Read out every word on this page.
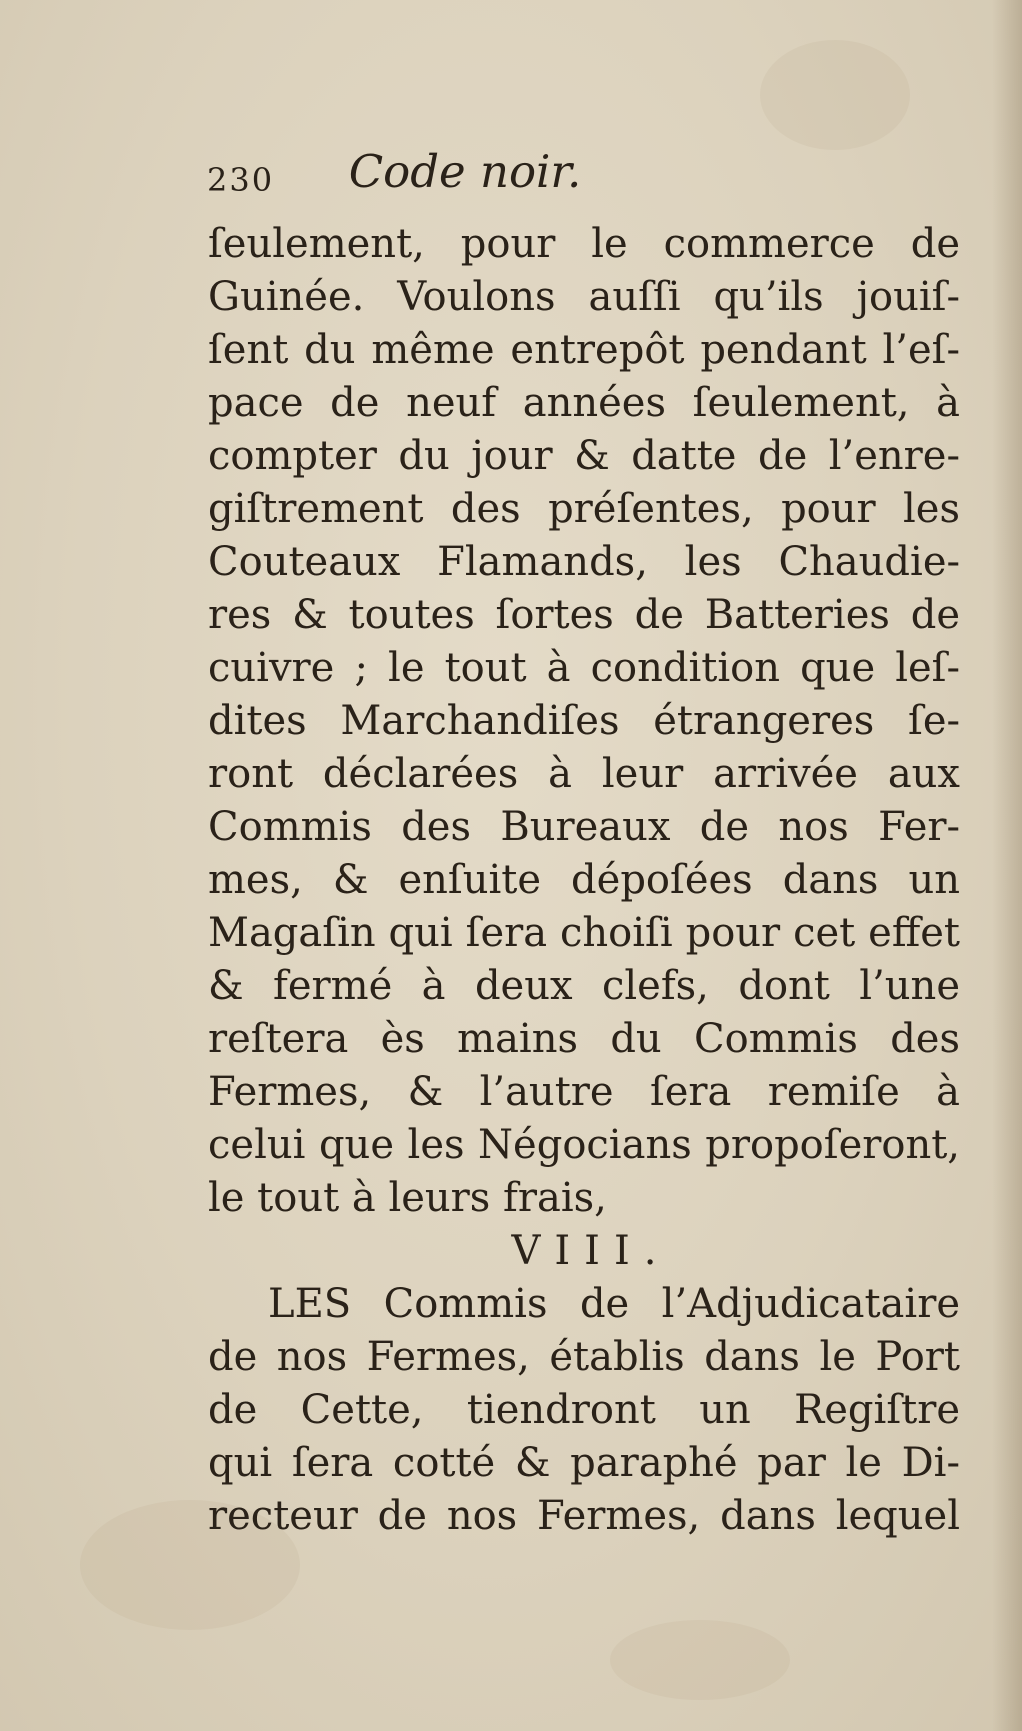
230 Code noir.
ſeulement, pour le commerce de
Guinée. Voulons auſſi qu’ils jouiſ-
ſent du même entrepôt pendant l’eſ-
pace de neuf années ſeulement, à
compter du jour & datte de l’enre-
giſtrement des préſentes, pour les
Couteaux Flamands, les Chaudie-
res & toutes ſortes de Batteries de
cuivre ; le tout à condition que leſ-
dites Marchandiſes étrangeres ſe-
ront déclarées à leur arrivée aux
Commis des Bureaux de nos Fer-
mes, & enſuite dépoſées dans un
Magaſin qui ſera choiſi pour cet effet
& fermé à deux clefs, dont l’une
reſtera ès mains du Commis des
Fermes, & l’autre ſera remiſe à
celui que les Négocians propoſeront,
le tout à leurs frais,
VIII.
LES Commis de l’Adjudicataire
de nos Fermes, établis dans le Port
de Cette, tiendront un Regiſtre
qui ſera cotté & paraphé par le Di-
recteur de nos Fermes, dans lequel
